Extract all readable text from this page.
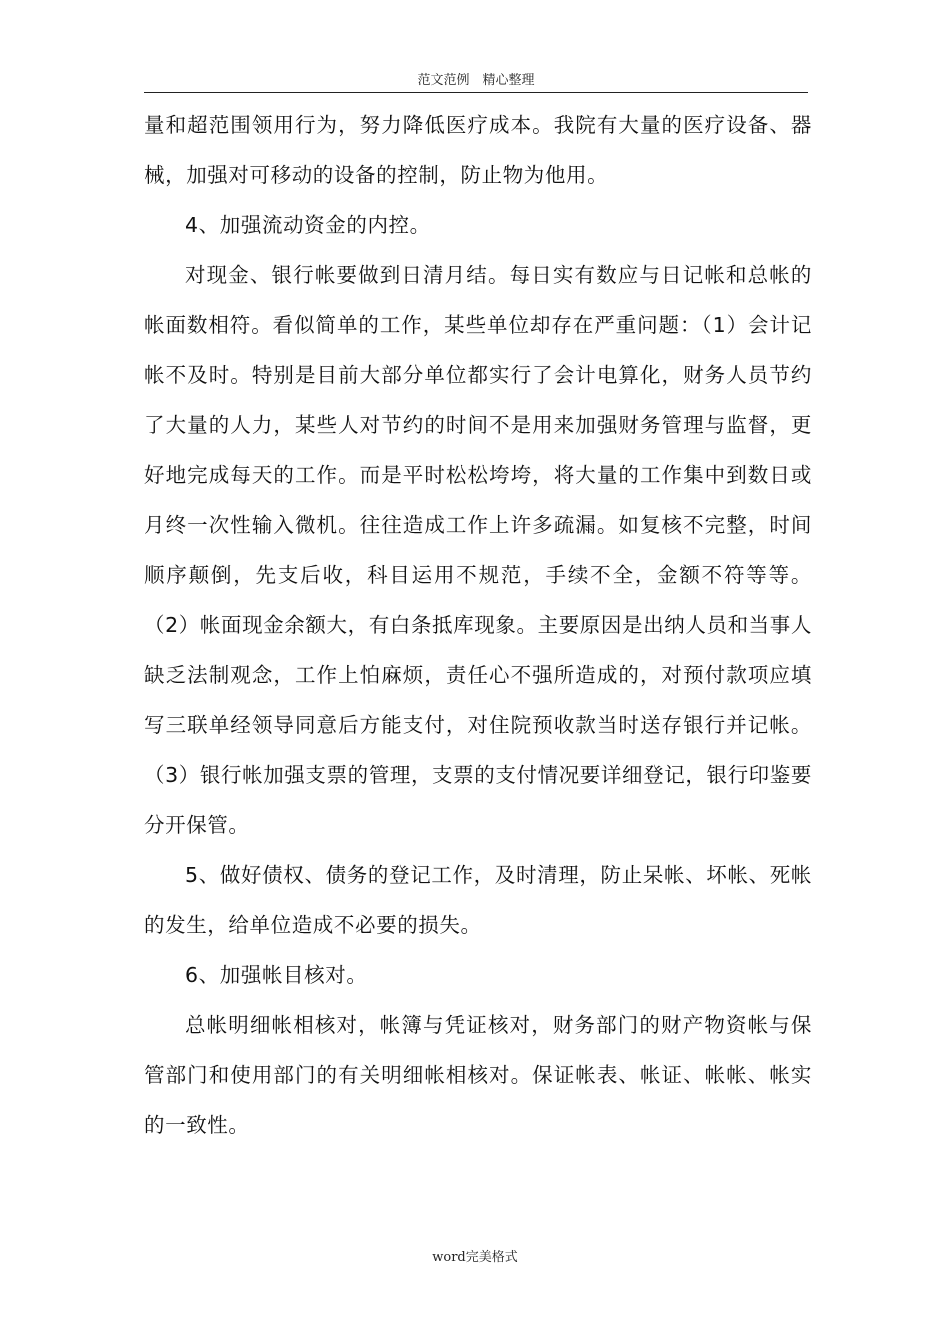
范文范例　精心整理

量和超范围领用行为，努力降低医疗成本。我院有大量的医疗设备、器械，加强对可移动的设备的控制，防止物为他用。

4、加强流动资金的内控。

对现金、银行帐要做到日清月结。每日实有数应与日记帐和总帐的帐面数相符。看似简单的工作，某些单位却存在严重问题：（1）会计记帐不及时。特别是目前大部分单位都实行了会计电算化，财务人员节约了大量的人力，某些人对节约的时间不是用来加强财务管理与监督，更好地完成每天的工作。而是平时松松垮垮，将大量的工作集中到数日或月终一次性输入微机。往往造成工作上许多疏漏。如复核不完整，时间顺序颠倒，先支后收，科目运用不规范，手续不全，金额不符等等。（2）帐面现金余额大，有白条抵库现象。主要原因是出纳人员和当事人缺乏法制观念，工作上怕麻烦，责任心不强所造成的，对预付款项应填写三联单经领导同意后方能支付，对住院预收款当时送存银行并记帐。（3）银行帐加强支票的管理，支票的支付情况要详细登记，银行印鉴要分开保管。

5、做好债权、债务的登记工作，及时清理，防止呆帐、坏帐、死帐的发生，给单位造成不必要的损失。

6、加强帐目核对。

总帐明细帐相核对，帐簿与凭证核对，财务部门的财产物资帐与保管部门和使用部门的有关明细帐相核对。保证帐表、帐证、帐帐、帐实的一致性。

word完美格式
